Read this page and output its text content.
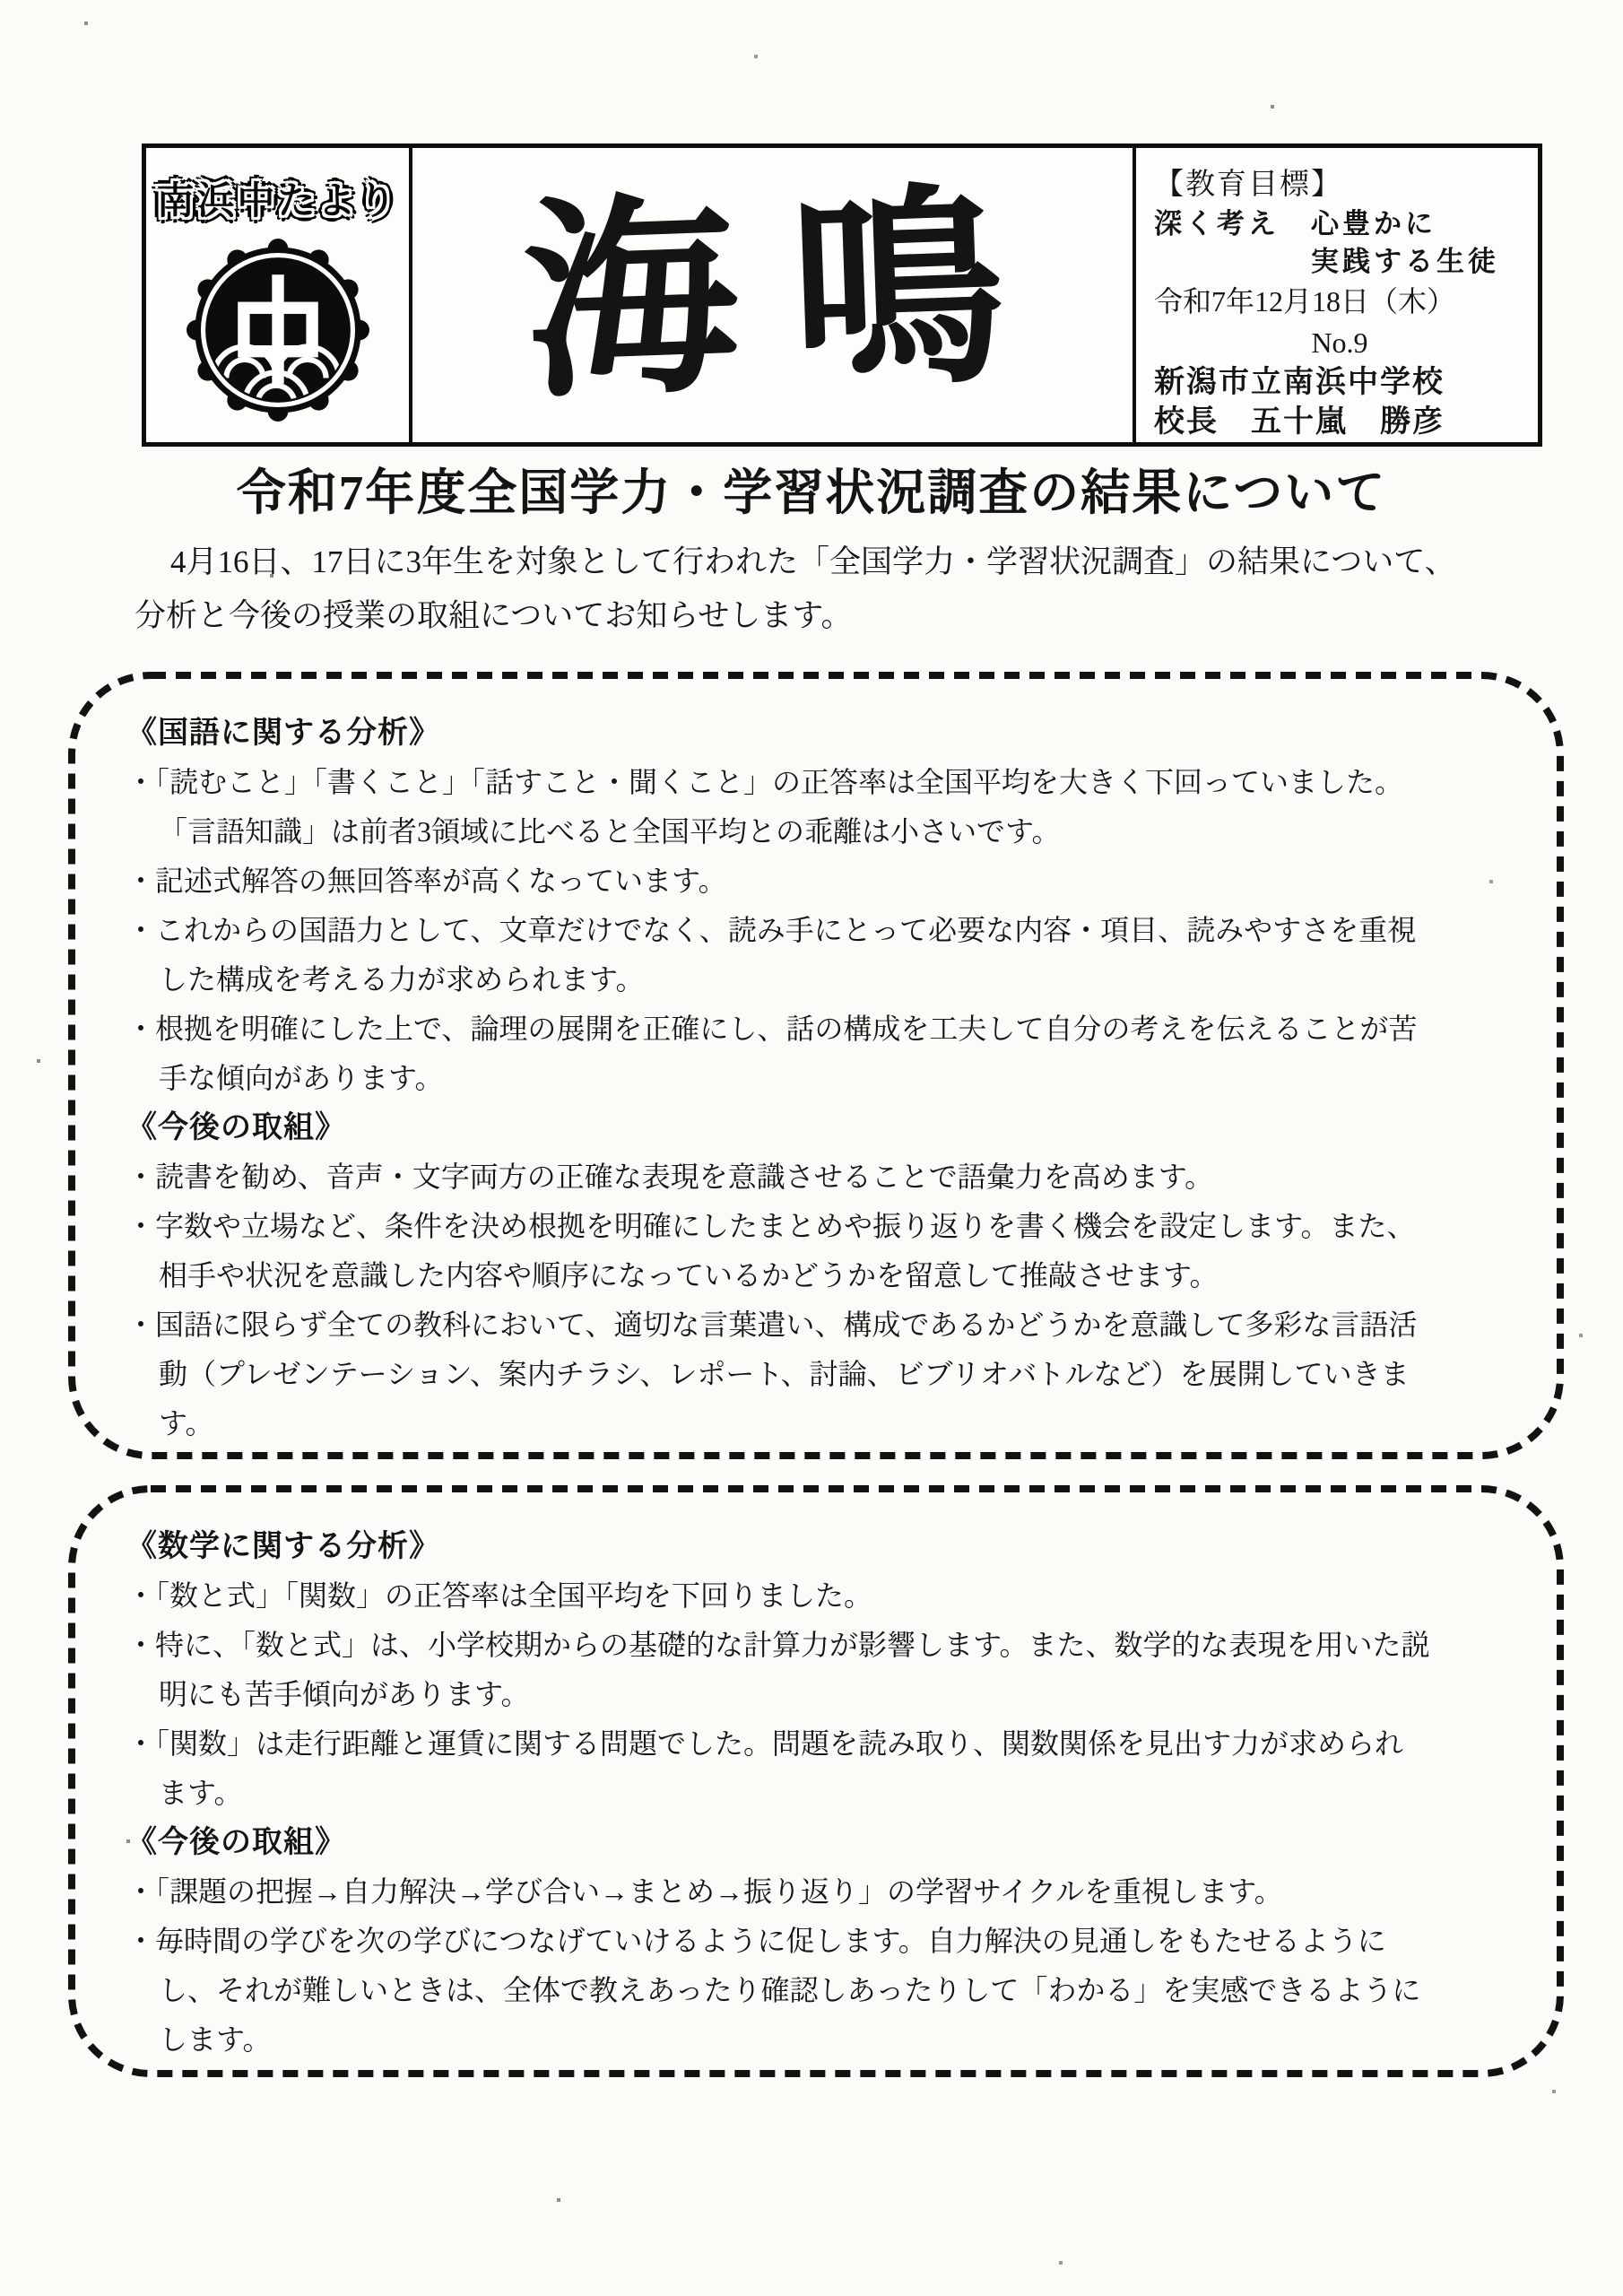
南浜中たより 海鳴	【教育目標】
深く考え　心豊かに
実践する生徒
令和7年12月18日（木）
No.9
新潟市立南浜中学校
校長　五十嵐　勝彦
令和7年度全国学力・学習状況調査の結果について
4月16日、17日に3年生を対象として行われた「全国学力・学習状況調査」の結果について、
分析と今後の授業の取組についてお知らせします。
《国語に関する分析》
・「読むこと」「書くこと」「話すこと・聞くこと」の正答率は全国平均を大きく下回っていました。
「言語知識」は前者3領域に比べると全国平均との乖離は小さいです。
・記述式解答の無回答率が高くなっています。
・これからの国語力として、文章だけでなく、読み手にとって必要な内容・項目、読みやすさを重視
した構成を考える力が求められます。
・根拠を明確にした上で、論理の展開を正確にし、話の構成を工夫して自分の考えを伝えることが苦
手な傾向があります。
《今後の取組》
・読書を勧め、音声・文字両方の正確な表現を意識させることで語彙力を高めます。
・字数や立場など、条件を決め根拠を明確にしたまとめや振り返りを書く機会を設定します。また、
相手や状況を意識した内容や順序になっているかどうかを留意して推敲させます。
・国語に限らず全ての教科において、適切な言葉遣い、構成であるかどうかを意識して多彩な言語活
動（プレゼンテーション、案内チラシ、レポート、討論、ビブリオバトルなど）を展開していきま
す。
《数学に関する分析》
・「数と式」「関数」の正答率は全国平均を下回りました。
・特に、「数と式」は、小学校期からの基礎的な計算力が影響します。また、数学的な表現を用いた説
明にも苦手傾向があります。
・「関数」は走行距離と運賃に関する問題でした。問題を読み取り、関数関係を見出す力が求められ
ます。
《今後の取組》
・「課題の把握→自力解決→学び合い→まとめ→振り返り」の学習サイクルを重視します。
・毎時間の学びを次の学びにつなげていけるように促します。自力解決の見通しをもたせるように
し、それが難しいときは、全体で教えあったり確認しあったりして「わかる」を実感できるように
します。
